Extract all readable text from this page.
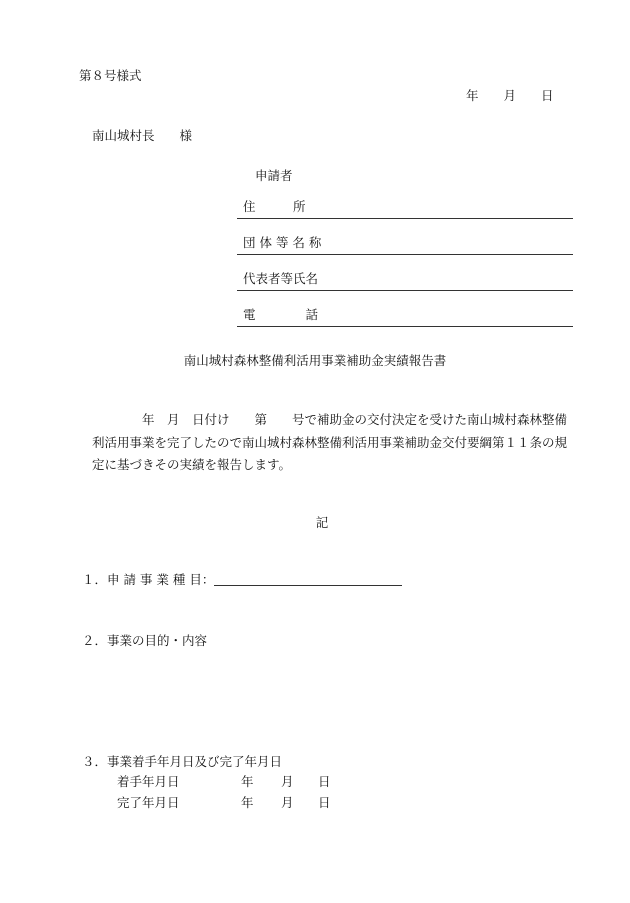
第８号様式
年 月 日
南山城村長　　様
申請者
住　　　所
団 体 等 名 称
代表者等氏名
電　　　　話
南山城村森林整備利活用事業補助金実績報告書
　　　　年　月　日付け　　第　　号で補助金の交付決定を受けた南山城村森林整備利活用事業を完了したので南山城村森林整備利活用事業補助金交付要綱第１１条の規定に基づきその実績を報告します。
記
１．申 請 事 業 種 目：
２．事業の目的・内容
３．事業着手年月日及び完了年月日
着手年月日	年 月 日
完了年月日	年 月 日
